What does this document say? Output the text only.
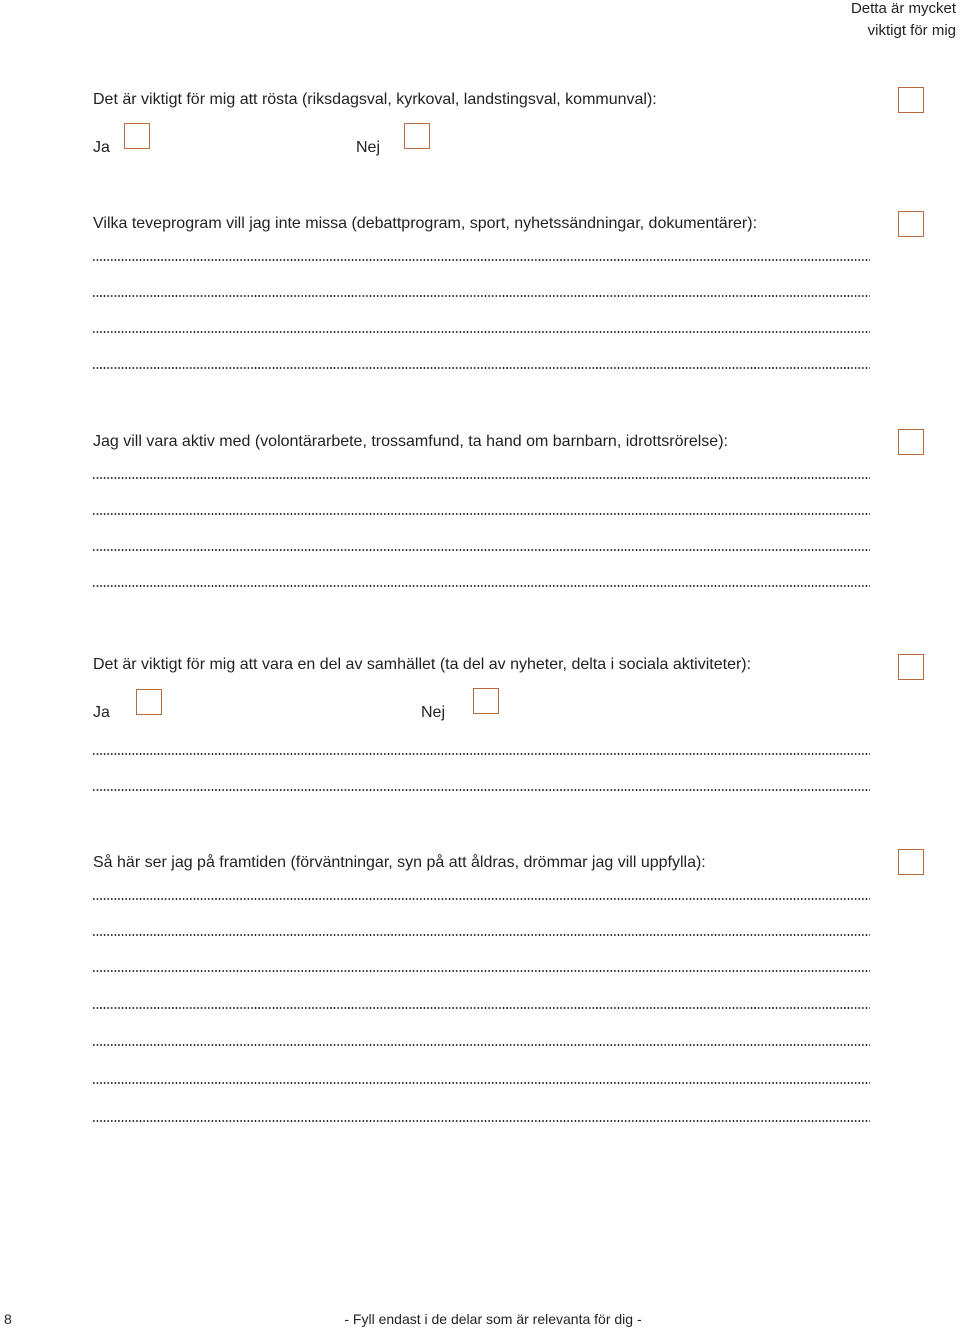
Detta är mycket
viktigt för mig
Det är viktigt för mig att rösta (riksdagsval, kyrkoval, landstingsval, kommunval):
Ja	Nej
Vilka teveprogram vill jag inte missa (debattprogram, sport, nyhetssändningar, dokumentärer):
Jag vill vara aktiv med (volontärarbete, trossamfund, ta hand om barnbarn, idrottsrörelse):
Det är viktigt för mig att vara en del av samhället (ta del av nyheter, delta i sociala aktiviteter):
Ja	Nej
Så här ser jag på framtiden (förväntningar, syn på att åldras, drömmar jag vill uppfylla):
8	- Fyll endast i de delar som är relevanta för dig -
